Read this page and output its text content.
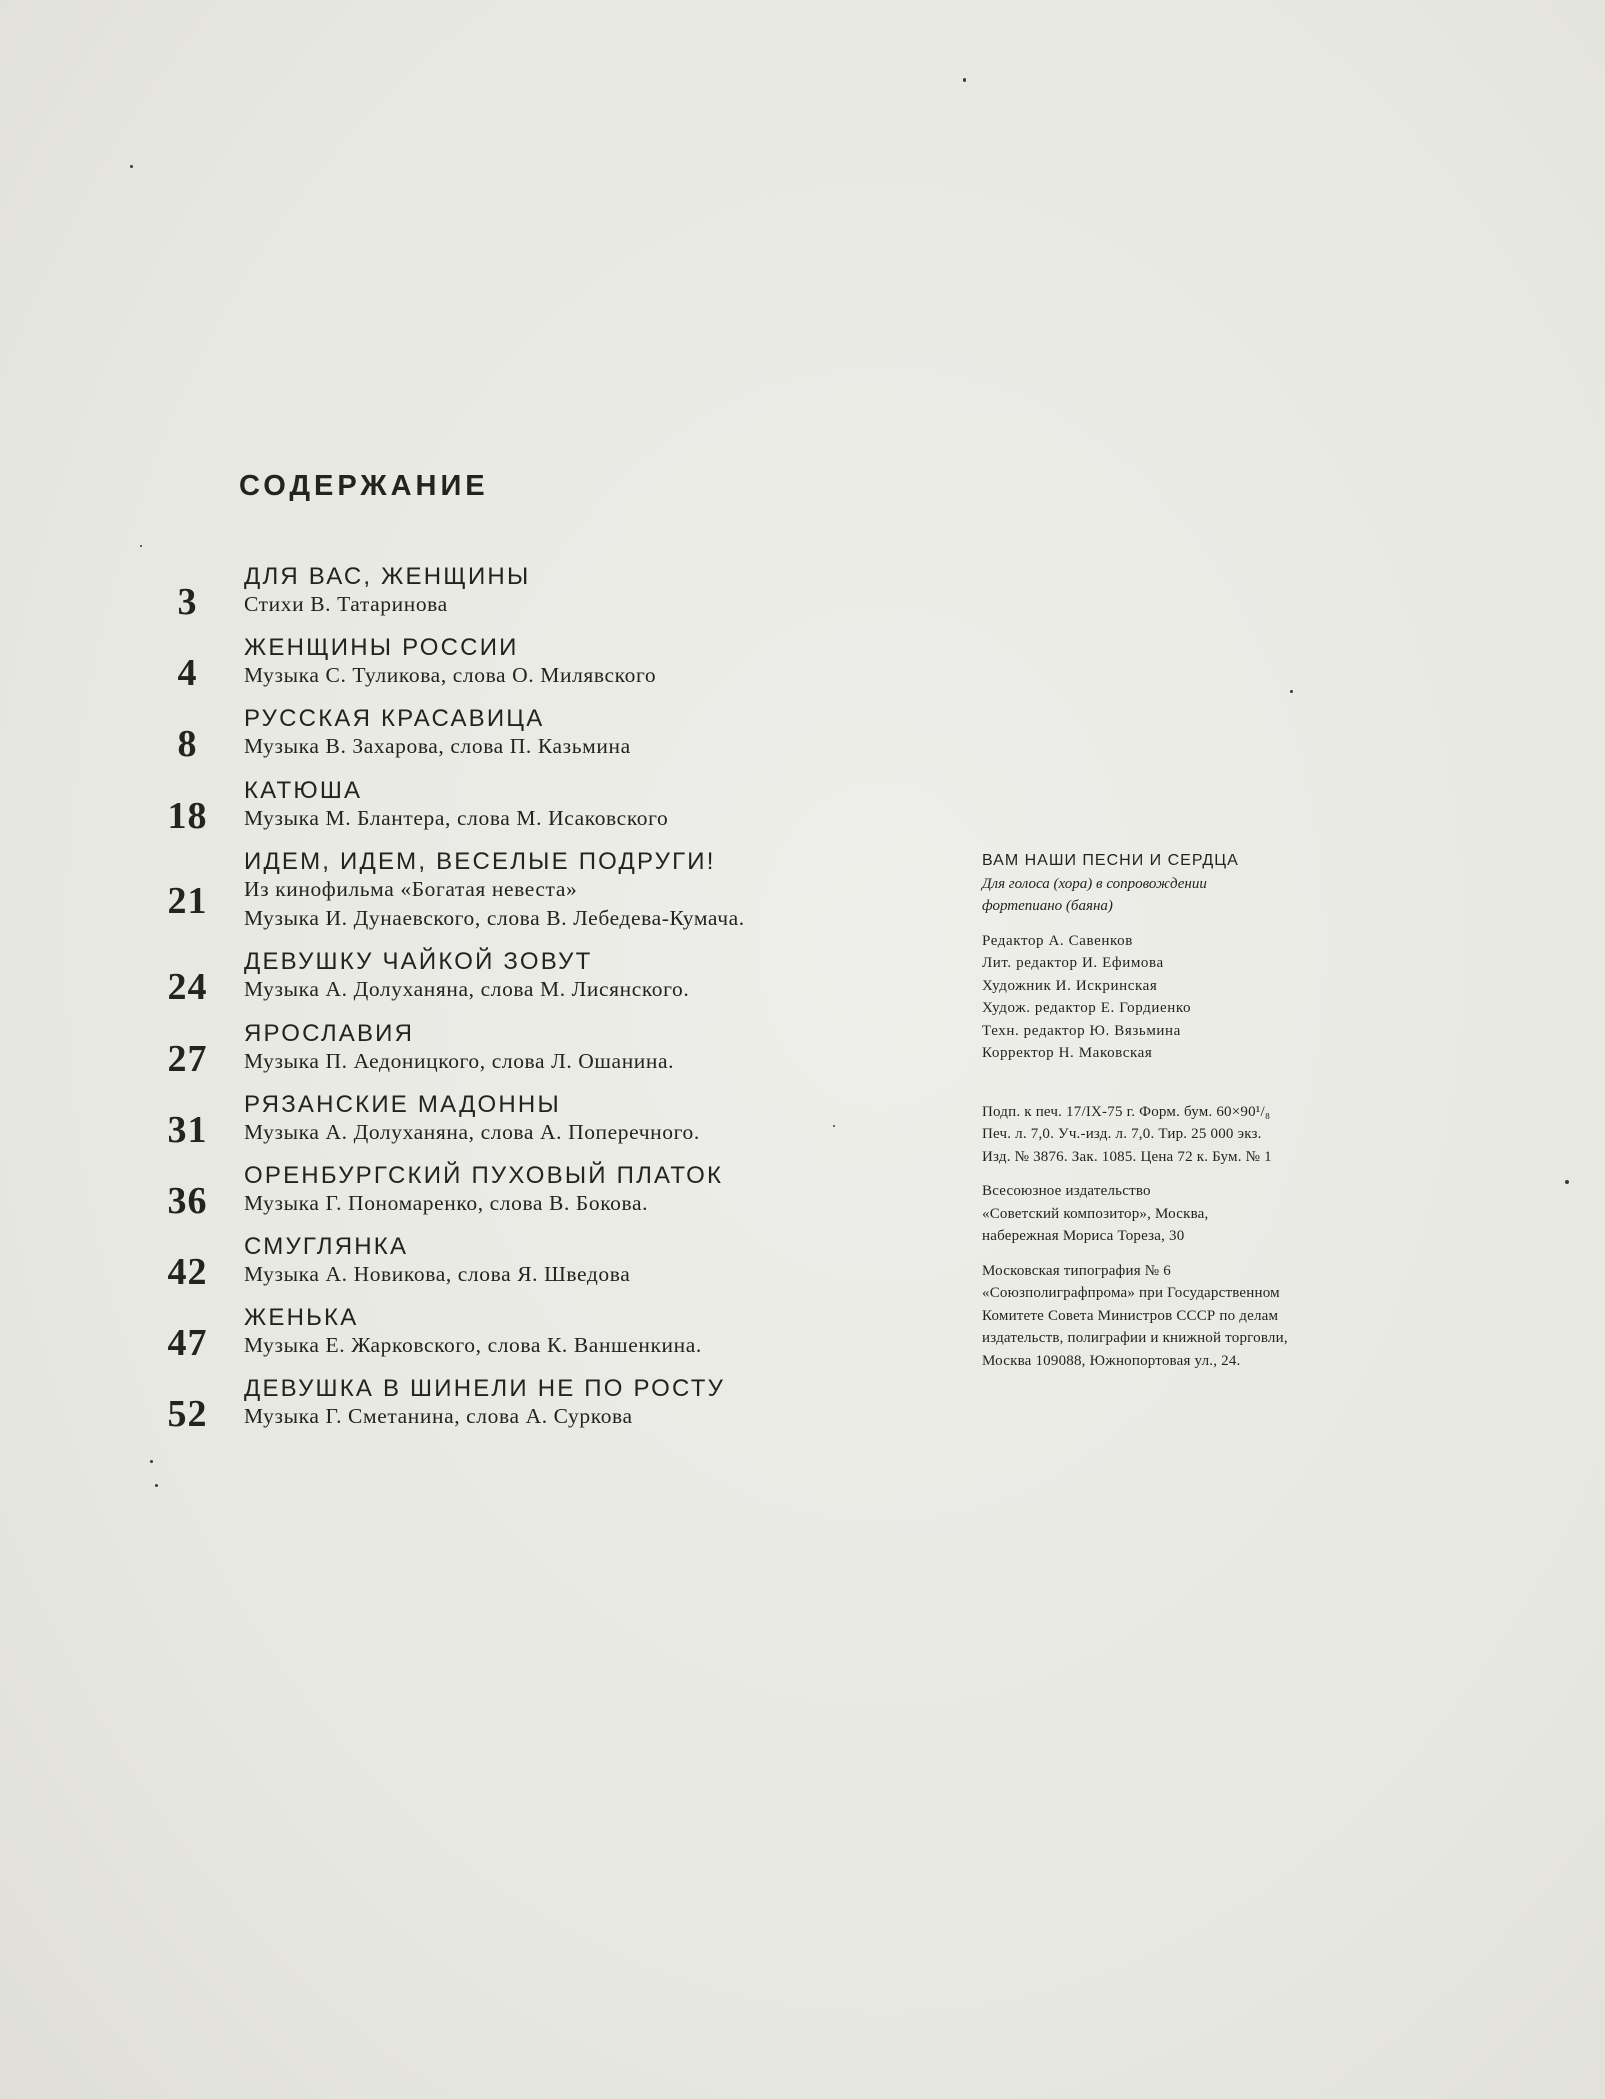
СОДЕРЖАНИЕ
3
ДЛЯ ВАС, ЖЕНЩИНЫ
Стихи В. Татаринова
4
ЖЕНЩИНЫ РОССИИ
Музыка С. Туликова, слова О. Милявского
8
РУССКАЯ КРАСАВИЦА
Музыка В. Захарова, слова П. Казьмина
18
КАТЮША
Музыка М. Блантера, слова М. Исаковского
21
ИДЕМ, ИДЕМ, ВЕСЕЛЫЕ ПОДРУГИ!
Из кинофильма «Богатая невеста»
Музыка И. Дунаевского, слова В. Лебедева-Кумача.
24
ДЕВУШКУ ЧАЙКОЙ ЗОВУТ
Музыка А. Долуханяна, слова М. Лисянского.
27
ЯРОСЛАВИЯ
Музыка П. Аедоницкого, слова Л. Ошанина.
31
РЯЗАНСКИЕ МАДОННЫ
Музыка А. Долуханяна, слова А. Поперечного.
36
ОРЕНБУРГСКИЙ ПУХОВЫЙ ПЛАТОК
Музыка Г. Пономаренко, слова В. Бокова.
42
СМУГЛЯНКА
Музыка А. Новикова, слова Я. Шведова
47
ЖЕНЬКА
Музыка Е. Жарковского, слова К. Ваншенкина.
52
ДЕВУШКА В ШИНЕЛИ НЕ ПО РОСТУ
Музыка Г. Сметанина, слова А. Суркова
ВАМ НАШИ ПЕСНИ И СЕРДЦА
Для голоса (хора) в сопровождении
фортепиано (баяна)
Редактор А. Савенков
Лит. редактор И. Ефимова
Художник И. Искринская
Худож. редактор Е. Гордиенко
Техн. редактор Ю. Вязьмина
Корректор Н. Маковская
Подп. к печ. 17/IX-75 г. Форм. бум. 60×90¹/₈
Печ. л. 7,0. Уч.-изд. л. 7,0. Тир. 25 000 экз.
Изд. № 3876. Зак. 1085. Цена 72 к. Бум. № 1
Всесоюзное издательство
«Советский композитор», Москва,
набережная Мориса Тореза, 30
Московская типография № 6
«Союзполиграфпрома» при Государственном
Комитете Совета Министров СССР по делам
издательств, полиграфии и книжной торговли,
Москва 109088, Южнопортовая ул., 24.
